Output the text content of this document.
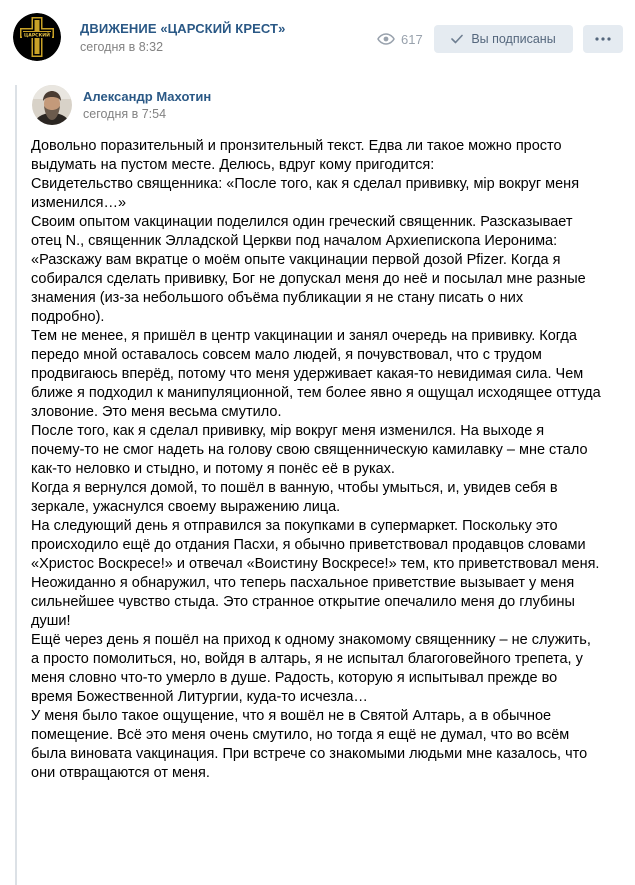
ЦАРСКИЙ
ДВИЖЕНИЕ «ЦАРСКИЙ КРЕСТ»
сегодня в 8:32
617	Вы подписаны
Александр Махотин
сегодня в 7:54

Довольно поразительный и пронзительный текст. Едва ли такое можно просто

выдумать на пустом месте. Делюсь, вдруг кому пригодится:

Свидетельство священника: «После того, как я сделал прививку, мiр вокруг меня

изменился…»

Своим опытом vакцинации поделился один греческий священник. Разсказывает

отец N., священник Элладской Церкви под началом Архиепископа Иеронима:

«Разскажу вам вкратце о моём опыте vакцинации первой дозой Pfizer. Когда я

собирался сделать прививку, Бог не допускал меня до неё и посылал мне разные

знамения (из-за небольшого объёма публикации я не стану писать о них

подробно).

Тем не менее, я пришёл в центр vакцинации и занял очередь на прививку. Когда

передо мной оставалось совсем мало людей, я почувствовал, что с трудом

продвигаюсь вперёд, потому что меня удерживает какая-то невидимая сила. Чем

ближе я подходил к манипуляционной, тем более явно я ощущал исходящее оттуда

зловоние. Это меня весьма смутило.

После того, как я сделал прививку, мiр вокруг меня изменился. На выходе я

почему-то не смог надеть на голову свою священническую камилавку – мне стало

как-то неловко и стыдно, и потому я понёс её в руках.

Когда я вернулся домой, то пошёл в ванную, чтобы умыться, и, увидев себя в

зеркале, ужаснулся своему выражению лица.

На следующий день я отправился за покупками в супермаркет. Поскольку это

происходило ещё до отдания Пасхи, я обычно приветствовал продавцов словами

«Христос Воскресе!» и отвечал «Воистину Воскресе!» тем, кто приветствовал меня.

Неожиданно я обнаружил, что теперь пасхальное приветствие вызывает у меня

сильнейшее чувство стыда. Это странное открытие опечалило меня до глубины

души!

Ещё через день я пошёл на приход к одному знакомому священнику – не служить,

а просто помолиться, но, войдя в алтарь, я не испытал благоговейного трепета, у

меня словно что-то умерло в душе. Радость, которую я испытывал прежде во

время Божественной Литургии, куда-то исчезла…

У меня было такое ощущение, что я вошёл не в Святой Алтарь, а в обычное

помещение. Всё это меня очень смутило, но тогда я ещё не думал, что во всём

была виновата vакцинация. При встрече со знакомыми людьми мне казалось, что

они отвращаются от меня.
